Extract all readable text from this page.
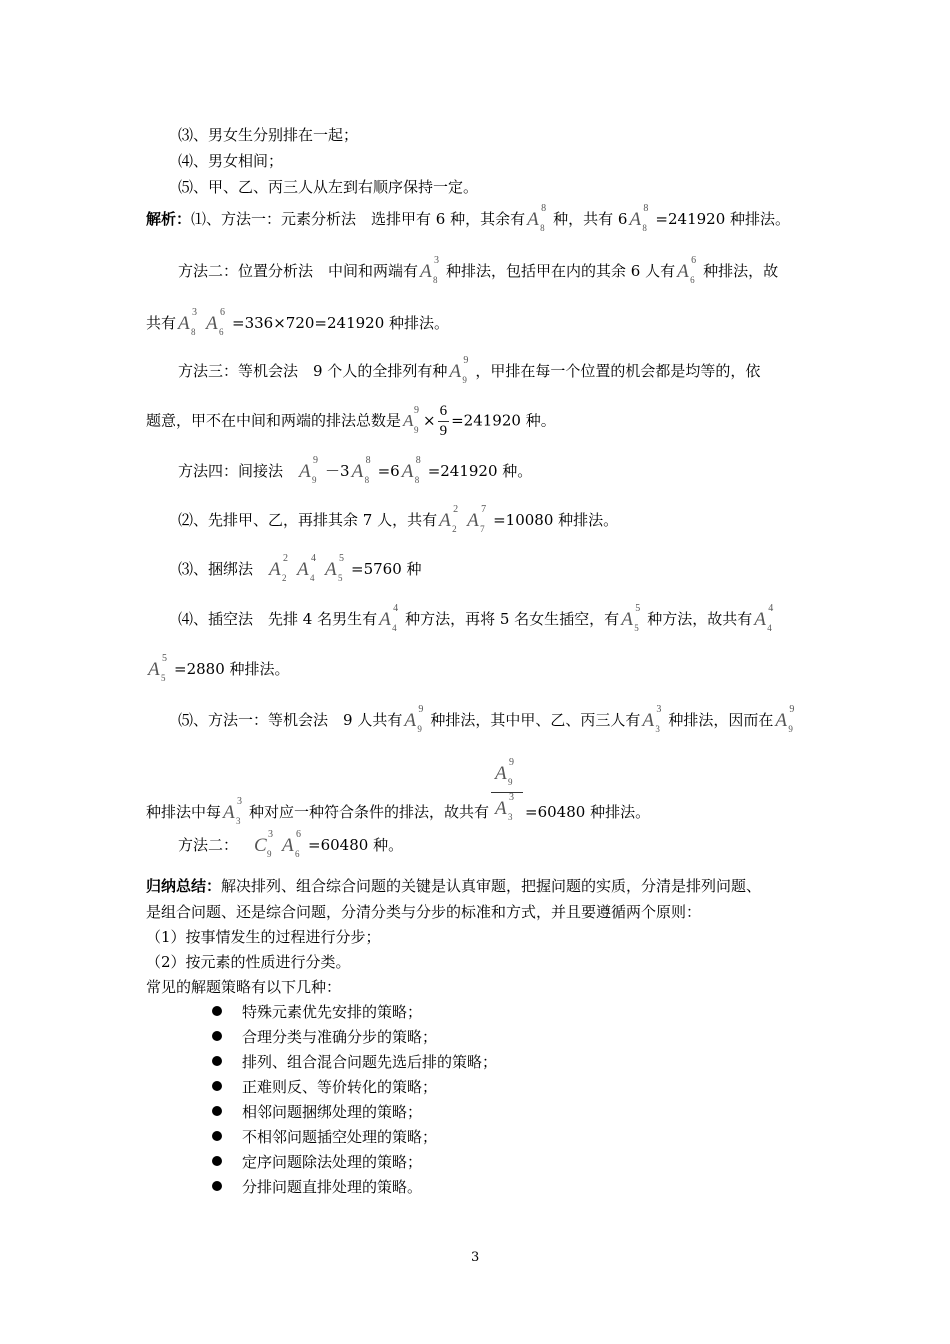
⑶、男女生分别排在一起；
⑷、男女相间；
⑸、甲、乙、丙三人从左到右顺序保持一定。
解析：⑴、方法一：元素分析法　选排甲有 6 种，其余有 A
8
8 种，共有 6 A
8
8 =241920 种排法。
方法二：位置分析法　中间和两端有 A
3
8 种排法，包括甲在内的其余 6 人有 A
6
6 种排法，故
共有 A
3
8 A
6
6 =336×720=241920 种排法。
方法三：等机会法　9 个人的全排列有种 A
9
9 ，甲排在每一个位置的机会都是均等的，依
题意，甲不在中间和两端的排法总数是 A
9
$9 \times \frac{6}{9} =241920$ 种。
方法四：间接法 A
9
9 －3 A
8
8 =6 A
8
8 =241920 种。
⑵、先排甲、乙，再排其余 7 人，共有 A
2
2 A
7
7 =10080 种排法。
⑶、捆绑法 A
2
2 A
4
4 A
5
5 =5760 种
⑷、插空法　先排 4 名男生有 A
4
4 种方法，再将 5 名女生插空，有 A
5
5 种方法，故共有 A
4
4
A
5
5 =2880 种排法。
⑸、方法一：等机会法　9 人共有 A
9
9 种排法，其中甲、乙、丙三人有 A
3
3 种排法，因而在 A
9
9
种排法中每 A
3
3 种对应一种符合条件的排法，故共有 A
9
9
A
3
3 =60480 种排法。
方法二： C
3
9 A
6
6 =60480 种。
归纳总结：解决排列、组合综合问题的关键是认真审题，把握问题的实质，分清是排列问题、
是组合问题、还是综合问题，分清分类与分步的标准和方式，并且要遵循两个原则：
（1）按事情发生的过程进行分步；
（2）按元素的性质进行分类。
常见的解题策略有以下几种：
特殊元素优先安排的策略；
合理分类与准确分步的策略；
排列、组合混合问题先选后排的策略；
正难则反、等价转化的策略；
相邻问题捆绑处理的策略；
不相邻问题插空处理的策略；
定序问题除法处理的策略；
分排问题直排处理的策略。
3
